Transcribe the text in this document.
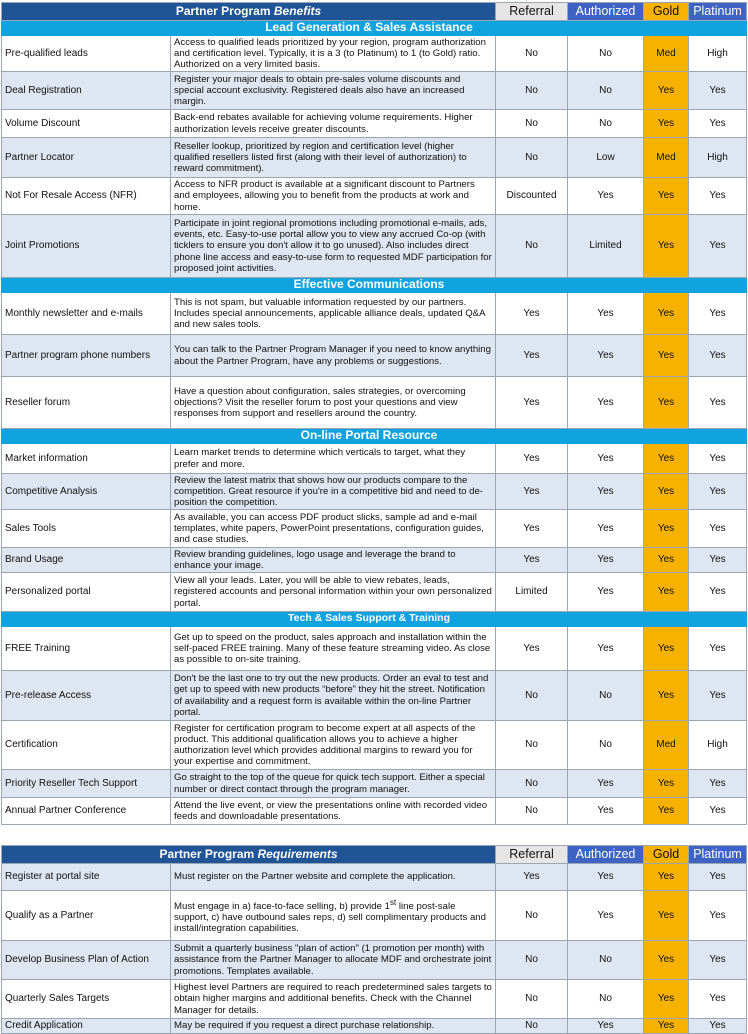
Partner Program Benefits		Referral	Authorized	Gold	Platinum
	Lead Generation & Sales Assistance				
Pre-qualified leads	Access to qualified leads prioritized by your region, program authorization and certification level. Typically, it is a 3 (to Platinum) to 1 (to Gold) ratio. Authorized on a very limited basis.	No	No	Med	High
Deal Registration	Register your major deals to obtain pre-sales volume discounts and special account exclusivity. Registered deals also have an increased margin.	No	No	Yes	Yes
Volume Discount	Back-end rebates available for achieving volume requirements. Higher authorization levels receive greater discounts.	No	No	Yes	Yes
Partner Locator	Reseller lookup, prioritized by region and certification level (higher qualified resellers listed first (along with their level of authorization) to reward commitment).	No	Low	Med	High
Not For Resale Access (NFR)	Access to NFR product is available at a significant discount to Partners and employees, allowing you to benefit from the products at work and home.	Discounted	Yes	Yes	Yes
Joint Promotions	Participate in joint regional promotions including promotional e-mails, ads, events, etc. Easy-to-use portal allow you to view any accrued Co-op (with ticklers to ensure you don't allow it to go unused). Also includes direct phone line access and easy-to-use form to requested MDF participation for proposed joint activities.	No	Limited	Yes	Yes
	Effective Communications				
Monthly newsletter and e-mails	This is not spam, but valuable information requested by our partners. Includes special announcements, applicable alliance deals, updated Q&A and new sales tools.	Yes	Yes	Yes	Yes
Partner program phone numbers	You can talk to the Partner Program Manager if you need to know anything about the Partner Program, have any problems or suggestions.	Yes	Yes	Yes	Yes
Reseller forum	Have a question about configuration, sales strategies, or overcoming objections? Visit the reseller forum to post your questions and view responses from support and resellers around the country.	Yes	Yes	Yes	Yes
	On-line Portal Resource				
Market information	Learn market trends to determine which verticals to target, what they prefer and more.	Yes	Yes	Yes	Yes
Competitive Analysis	Review the latest matrix that shows how our products compare to the competition. Great resource if you're in a competitive bid and need to de-position the competition.	Yes	Yes	Yes	Yes
Sales Tools	As available, you can access PDF product slicks, sample ad and e-mail templates, white papers, PowerPoint presentations, configuration guides, and case studies.	Yes	Yes	Yes	Yes
Brand Usage	Review branding guidelines, logo usage and leverage the brand to enhance your image.	Yes	Yes	Yes	Yes
Personalized portal	View all your leads. Later, you will be able to view rebates, leads, registered accounts and personal information within your own personalized portal.	Limited	Yes	Yes	Yes
	Tech & Sales Support & Training				
FREE Training	Get up to speed on the product, sales approach and installation within the self-paced FREE training. Many of these feature streaming video. As close as possible to on-site training.	Yes	Yes	Yes	Yes
Pre-release Access	Don't be the last one to try out the new products. Order an eval to test and get up to speed with new products “before” they hit the street. Notification of availability and a request form is available within the on-line Partner portal.	No	No	Yes	Yes
Certification	Register for certification program to become expert at all aspects of the product. This additional qualification allows you to achieve a higher authorization level which provides additional margins to reward you for your expertise and commitment.	No	No	Med	High
Priority Reseller Tech Support	Go straight to the top of the queue for quick tech support. Either a special number or direct contact through the program manager.	No	Yes	Yes	Yes
Annual Partner Conference	Attend the live event, or view the presentations online with recorded video feeds and downloadable presentations.	No	Yes	Yes	Yes
Partner Program Requirements		Referral	Authorized	Gold	Platinum
Register at portal site	Must register on the Partner website and complete the application.	Yes	Yes	Yes	Yes
Qualify as a Partner	Must engage in a) face-to-face selling, b) provide 1st line post-sale support, c) have outbound sales reps, d) sell complimentary products and install/integration capabilities.	No	Yes	Yes	Yes
Develop Business Plan of Action	Submit a quarterly business "plan of action" (1 promotion per month) with assistance from the Partner Manager to allocate MDF and orchestrate joint promotions. Templates available.	No	No	Yes	Yes
Quarterly Sales Targets	Highest level Partners are required to reach predetermined sales targets to obtain higher margins and additional benefits. Check with the Channel Manager for details.	No	No	Yes	Yes
Credit Application	May be required if you request a direct purchase relationship.	No	Yes	Yes	Yes
